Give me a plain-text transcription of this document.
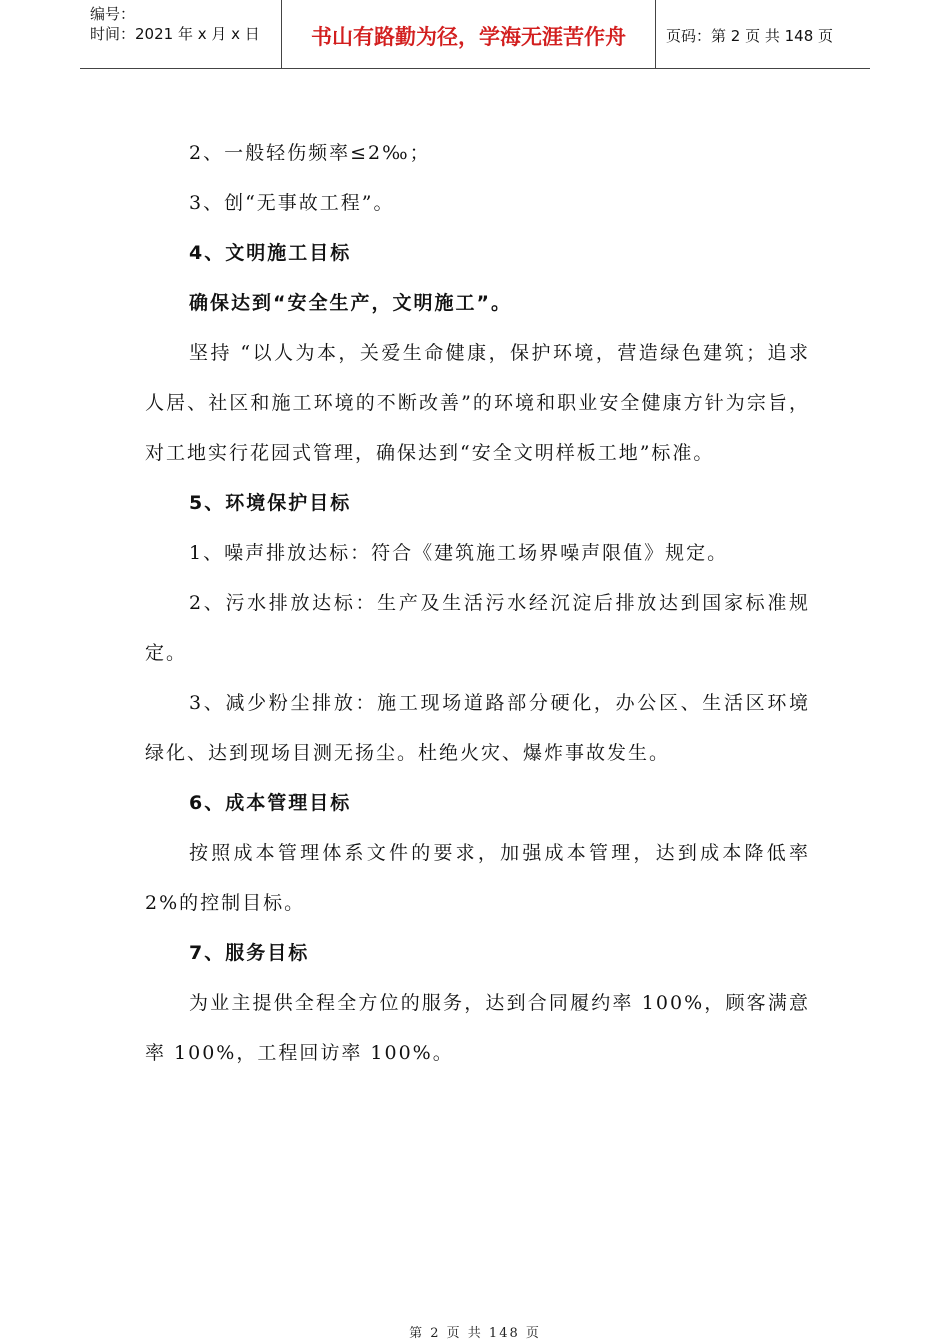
编号：
时间：2021 年 x 月 x 日	书山有路勤为径，学海无涯苦作舟	页码：第 2 页 共 148 页

2、一般轻伤频率≤2‰；

3、创“无事故工程”。

4、文明施工目标

确保达到“安全生产，文明施工”。

坚持 “以人为本，关爱生命健康，保护环境，营造绿色建筑；追求人居、社区和施工环境的不断改善”的环境和职业安全健康方针为宗旨，对工地实行花园式管理，确保达到“安全文明样板工地”标准。

5、环境保护目标

1、噪声排放达标：符合《建筑施工场界噪声限值》规定。

2、污水排放达标：生产及生活污水经沉淀后排放达到国家标准规定。

3、减少粉尘排放：施工现场道路部分硬化，办公区、生活区环境绿化、达到现场目测无扬尘。杜绝火灾、爆炸事故发生。

6、成本管理目标

按照成本管理体系文件的要求，加强成本管理，达到成本降低率 2%的控制目标。

7、服务目标

为业主提供全程全方位的服务，达到合同履约率 100%，顾客满意率 100%，工程回访率 100%。

第 2 页 共 148 页
